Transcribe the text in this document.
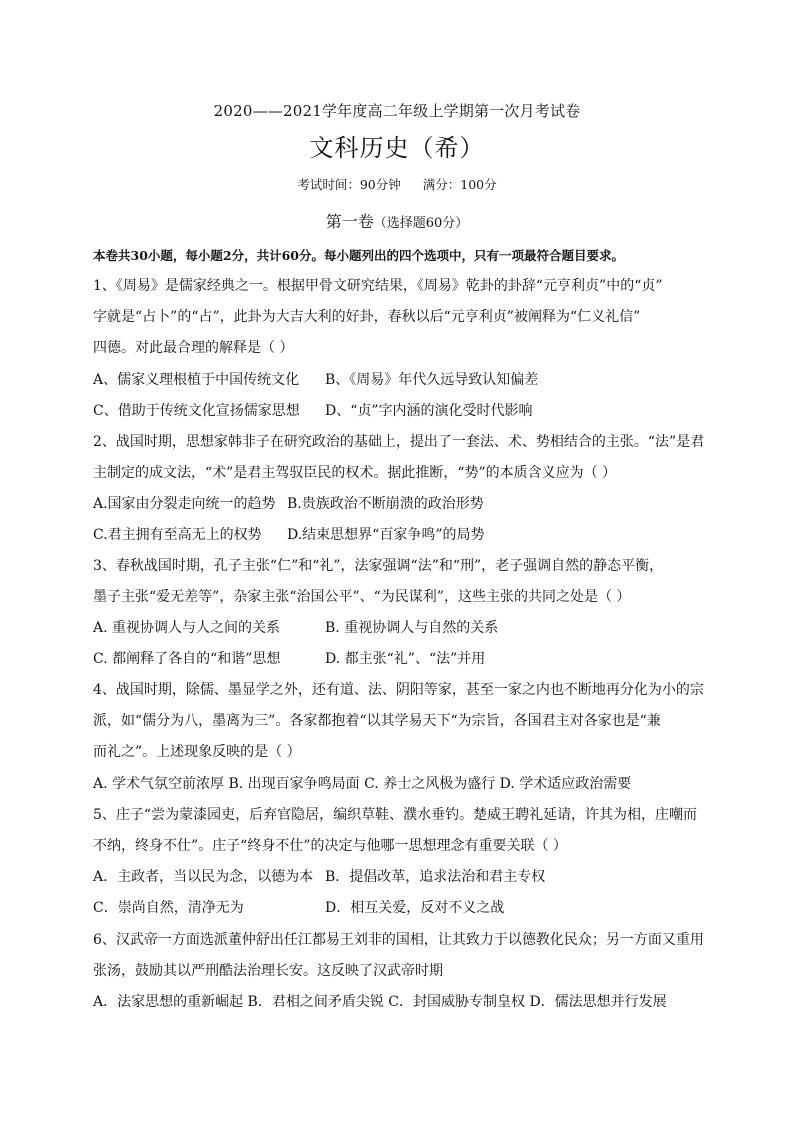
2020——2021学年度高二年级上学期第一次月考试卷
文科历史（希）
考试时间：90分钟 满分：100分
第一卷（选择题60分）
本卷共30小题，每小题2分，共计60分。每小题列出的四个选项中，只有一项最符合题目要求。
1、《周易》是儒家经典之一。根据甲骨文研究结果，《周易》乾卦的卦辞“元亨利贞”中的“贞”
字就是“占卜”的“占”，此卦为大吉大利的好卦，春秋以后“元亨利贞”被阐释为“仁义礼信”
四德。对此最合理的解释是（ ）
A、儒家义理根植于中国传统文化 B、《周易》年代久远导致认知偏差
C、借助于传统文化宣扬儒家思想 D、“贞”字内涵的演化受时代影响
2、战国时期，思想家韩非子在研究政治的基础上，提出了一套法、术、势相结合的主张。“法”是君
主制定的成文法，“术”是君主驾驭臣民的权术。据此推断，“势”的本质含义应为（ ）
A.国家由分裂走向统一的趋势 B.贵族政治不断崩溃的政治形势
C.君主拥有至高无上的权势 D.结束思想界“百家争鸣”的局势
3、春秋战国时期，孔子主张“仁”和“礼”，法家强调“法”和“刑”，老子强调自然的静态平衡，
墨子主张“爱无差等”，杂家主张“治国公平”、“为民谋利”，这些主张的共同之处是（ ）
A. 重视协调人与人之间的关系	B. 重视协调人与自然的关系
C. 都阐释了各自的“和谐”思想	D. 都主张“礼”、“法”并用
4、战国时期，除儒、墨显学之外，还有道、法、阴阳等家，甚至一家之内也不断地再分化为小的宗
派，如“儒分为八，墨离为三”。各家都抱着“以其学易天下“为宗旨，各国君主对各家也是“兼
而礼之”。上述现象反映的是（ ）
A. 学术气氛空前浓厚 B. 出现百家争鸣局面 C. 养士之风极为盛行 D. 学术适应政治需要
5、庄子“尝为蒙漆园吏，后弃官隐居，编织草鞋、濮水垂钓。楚威王聘礼延请，许其为相，庄嘲而
不纳，终身不仕”。庄子“终身不仕”的决定与他哪一思想理念有重要关联（ ）
A．主政者，当以民为念，以德为本 B．提倡改革，追求法治和君主专权
C．崇尚自然，清净无为	D．相互关爱，反对不义之战
6、汉武帝一方面选派董仲舒出任江都易王刘非的国相，让其致力于以德教化民众；另一方面又重用
张汤，鼓励其以严刑酷法治理长安。这反映了汉武帝时期
A．法家思想的重新崛起 B．君相之间矛盾尖锐 C．封国威胁专制皇权 D．儒法思想并行发展
